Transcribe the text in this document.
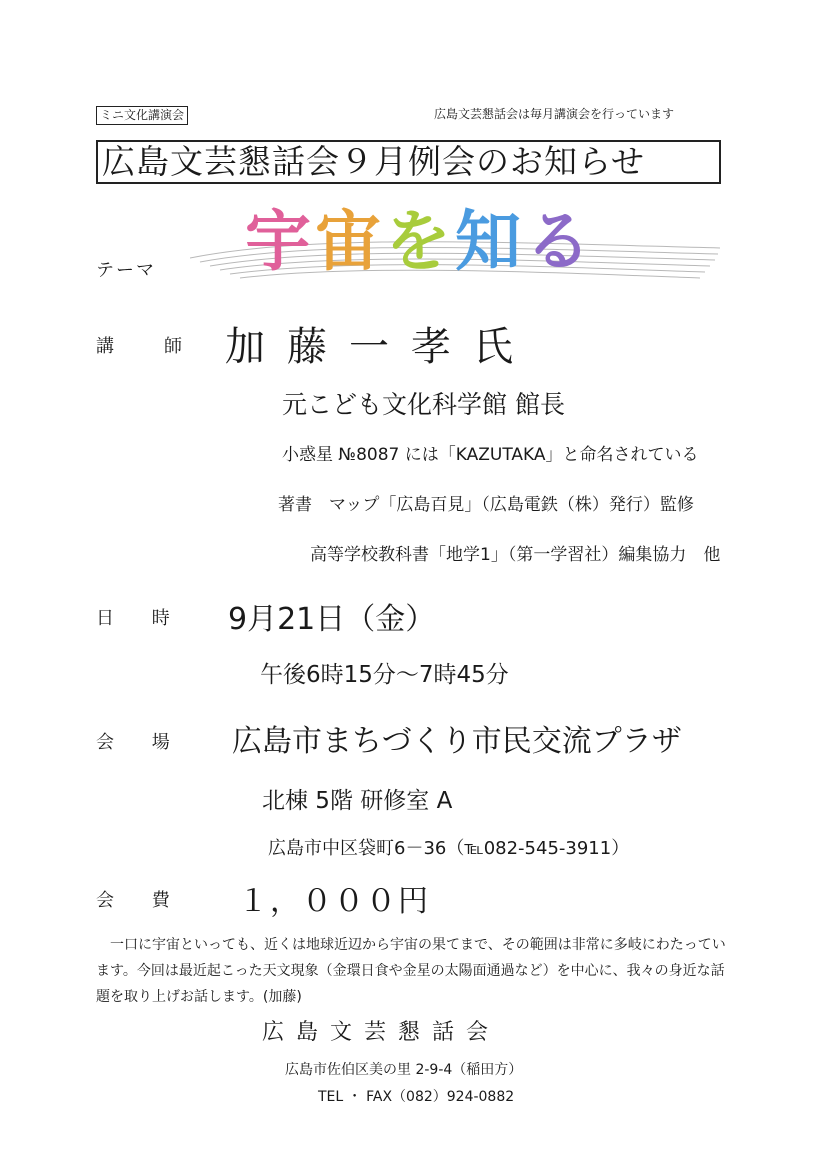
ミニ文化講演会	広島文芸懇話会は毎月講演会を行っています
広島文芸懇話会９月例会のお知らせ
テーマ 宇宙を知る
講　師 加藤一孝氏
元こども文化科学館 館長
小惑星 №8087 には「KAZUTAKA」と命名されている
著書　マップ「広島百見」（広島電鉄（株）発行）監修
高等学校教科書「地学1」（第一学習社）編集協力　他
日 時 9月21日（金）
午後6時15分〜7時45分
会 場 広島市まちづくり市民交流プラザ
北棟 5階 研修室 A
広島市中区袋町6－36（℡082-545-3911）
会 費 １，０００円
一口に宇宙といっても、近くは地球近辺から宇宙の果てまで、その範囲は非常に多岐にわたっています。今回は最近起こった天文現象（金環日食や金星の太陽面通過など）を中心に、我々の身近な話題を取り上げお話します。(加藤)
広島文芸懇話会
広島市佐伯区美の里 2-9-4（稲田方）
TEL ・ FAX（082）924-0882
